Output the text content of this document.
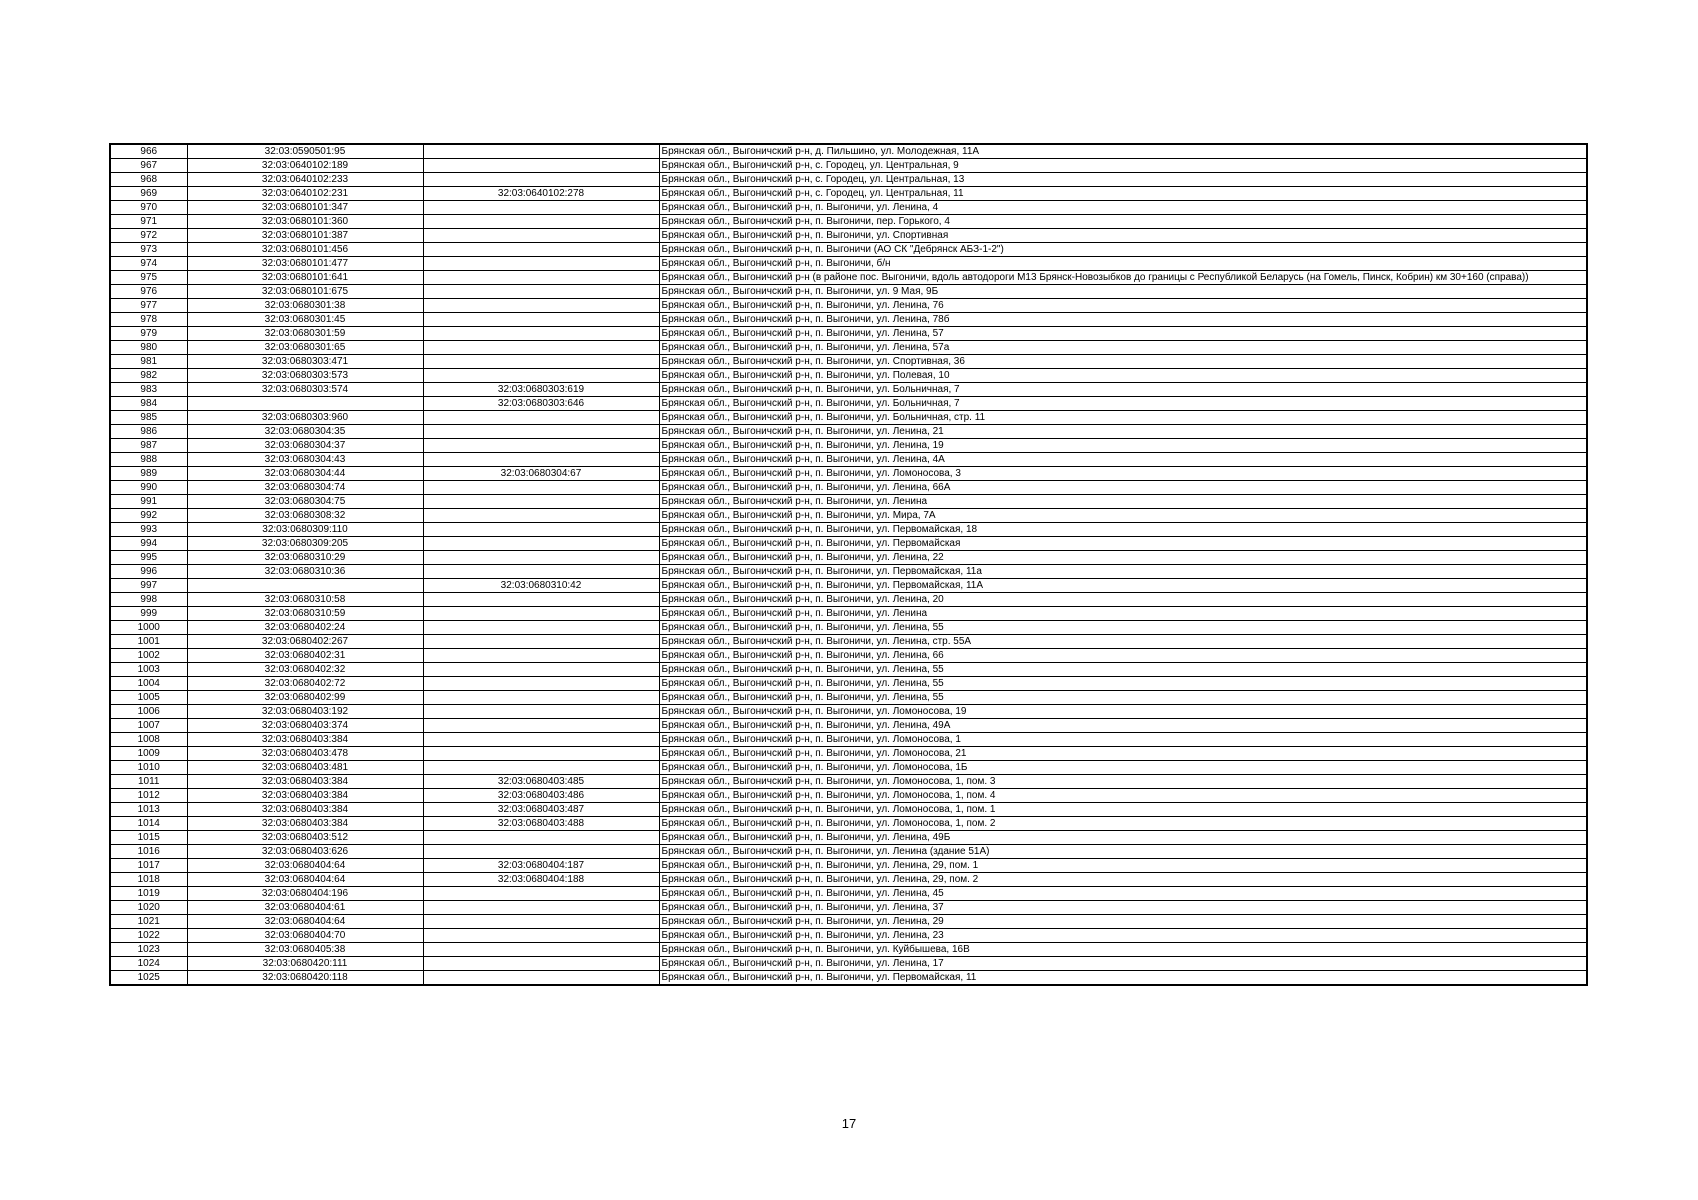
966	32:03:0590501:95		Брянская обл., Выгоничский р-н, д. Пильшино, ул. Молодежная, 11А
967	32:03:0640102:189		Брянская обл., Выгоничский р-н, с. Городец, ул. Центральная, 9
968	32:03:0640102:233		Брянская обл., Выгоничский р-н, с. Городец, ул. Центральная, 13
969	32:03:0640102:231	32:03:0640102:278	Брянская обл., Выгоничский р-н, с. Городец, ул. Центральная, 11
970	32:03:0680101:347		Брянская обл., Выгоничский р-н, п. Выгоничи, ул. Ленина, 4
971	32:03:0680101:360		Брянская обл., Выгоничский р-н, п. Выгоничи, пер. Горького, 4
972	32:03:0680101:387		Брянская обл., Выгоничский р-н, п. Выгоничи, ул. Спортивная
973	32:03:0680101:456		Брянская обл., Выгоничский р-н, п. Выгоничи (АО СК "Дебрянск АБЗ-1-2")
974	32:03:0680101:477		Брянская обл., Выгоничский р-н, п. Выгоничи, б/н
975	32:03:0680101:641		Брянская обл., Выгоничский р-н (в районе пос. Выгоничи, вдоль автодороги М13 Брянск-Новозыбков до границы с Республикой Беларусь (на Гомель, Пинск, Кобрин) км 30+160 (справа))
976	32:03:0680101:675		Брянская обл., Выгоничский р-н, п. Выгоничи, ул. 9 Мая, 9Б
977	32:03:0680301:38		Брянская обл., Выгоничский р-н, п. Выгоничи, ул. Ленина, 76
978	32:03:0680301:45		Брянская обл., Выгоничский р-н, п. Выгоничи, ул. Ленина, 78б
979	32:03:0680301:59		Брянская обл., Выгоничский р-н, п. Выгоничи, ул. Ленина, 57
980	32:03:0680301:65		Брянская обл., Выгоничский р-н, п. Выгоничи, ул. Ленина, 57а
981	32:03:0680303:471		Брянская обл., Выгоничский р-н, п. Выгоничи, ул. Спортивная, 36
982	32:03:0680303:573		Брянская обл., Выгоничский р-н, п. Выгоничи, ул. Полевая, 10
983	32:03:0680303:574	32:03:0680303:619	Брянская обл., Выгоничский р-н, п. Выгоничи, ул. Больничная, 7
984		32:03:0680303:646	Брянская обл., Выгоничский р-н, п. Выгоничи, ул. Больничная, 7
985	32:03:0680303:960		Брянская обл., Выгоничский р-н, п. Выгоничи, ул. Больничная, стр. 11
986	32:03:0680304:35		Брянская обл., Выгоничский р-н, п. Выгоничи, ул. Ленина, 21
987	32:03:0680304:37		Брянская обл., Выгоничский р-н, п. Выгоничи, ул. Ленина, 19
988	32:03:0680304:43		Брянская обл., Выгоничский р-н, п. Выгоничи, ул. Ленина, 4А
989	32:03:0680304:44	32:03:0680304:67	Брянская обл., Выгоничский р-н, п. Выгоничи, ул. Ломоносова, 3
990	32:03:0680304:74		Брянская обл., Выгоничский р-н, п. Выгоничи, ул. Ленина, 66А
991	32:03:0680304:75		Брянская обл., Выгоничский р-н, п. Выгоничи, ул. Ленина
992	32:03:0680308:32		Брянская обл., Выгоничский р-н, п. Выгоничи, ул. Мира, 7А
993	32:03:0680309:110		Брянская обл., Выгоничский р-н, п. Выгоничи, ул. Первомайская, 18
994	32:03:0680309:205		Брянская обл., Выгоничский р-н, п. Выгоничи, ул. Первомайская
995	32:03:0680310:29		Брянская обл., Выгоничский р-н, п. Выгоничи, ул. Ленина, 22
996	32:03:0680310:36		Брянская обл., Выгоничский р-н, п. Выгоничи, ул. Первомайская, 11а
997		32:03:0680310:42	Брянская обл., Выгоничский р-н, п. Выгоничи, ул. Первомайская, 11А
998	32:03:0680310:58		Брянская обл., Выгоничский р-н, п. Выгоничи, ул. Ленина, 20
999	32:03:0680310:59		Брянская обл., Выгоничский р-н, п. Выгоничи, ул. Ленина
1000	32:03:0680402:24		Брянская обл., Выгоничский р-н, п. Выгоничи, ул. Ленина, 55
1001	32:03:0680402:267		Брянская обл., Выгоничский р-н, п. Выгоничи, ул. Ленина, стр. 55А
1002	32:03:0680402:31		Брянская обл., Выгоничский р-н, п. Выгоничи, ул. Ленина, 66
1003	32:03:0680402:32		Брянская обл., Выгоничский р-н, п. Выгоничи, ул. Ленина, 55
1004	32:03:0680402:72		Брянская обл., Выгоничский р-н, п. Выгоничи, ул. Ленина, 55
1005	32:03:0680402:99		Брянская обл., Выгоничский р-н, п. Выгоничи, ул. Ленина, 55
1006	32:03:0680403:192		Брянская обл., Выгоничский р-н, п. Выгоничи, ул. Ломоносова, 19
1007	32:03:0680403:374		Брянская обл., Выгоничский р-н, п. Выгоничи, ул. Ленина, 49А
1008	32:03:0680403:384		Брянская обл., Выгоничский р-н, п. Выгоничи, ул. Ломоносова, 1
1009	32:03:0680403:478		Брянская обл., Выгоничский р-н, п. Выгоничи, ул. Ломоносова, 21
1010	32:03:0680403:481		Брянская обл., Выгоничский р-н, п. Выгоничи, ул. Ломоносова, 1Б
1011	32:03:0680403:384	32:03:0680403:485	Брянская обл., Выгоничский р-н, п. Выгоничи, ул. Ломоносова, 1, пом. 3
1012	32:03:0680403:384	32:03:0680403:486	Брянская обл., Выгоничский р-н, п. Выгоничи, ул. Ломоносова, 1, пом. 4
1013	32:03:0680403:384	32:03:0680403:487	Брянская обл., Выгоничский р-н, п. Выгоничи, ул. Ломоносова, 1, пом. 1
1014	32:03:0680403:384	32:03:0680403:488	Брянская обл., Выгоничский р-н, п. Выгоничи, ул. Ломоносова, 1, пом. 2
1015	32:03:0680403:512		Брянская обл., Выгоничский р-н, п. Выгоничи, ул. Ленина, 49Б
1016	32:03:0680403:626		Брянская обл., Выгоничский р-н, п. Выгоничи, ул. Ленина (здание 51А)
1017	32:03:0680404:64	32:03:0680404:187	Брянская обл., Выгоничский р-н, п. Выгоничи, ул. Ленина, 29, пом. 1
1018	32:03:0680404:64	32:03:0680404:188	Брянская обл., Выгоничский р-н, п. Выгоничи, ул. Ленина, 29, пом. 2
1019	32:03:0680404:196		Брянская обл., Выгоничский р-н, п. Выгоничи, ул. Ленина, 45
1020	32:03:0680404:61		Брянская обл., Выгоничский р-н, п. Выгоничи, ул. Ленина, 37
1021	32:03:0680404:64		Брянская обл., Выгоничский р-н, п. Выгоничи, ул. Ленина, 29
1022	32:03:0680404:70		Брянская обл., Выгоничский р-н, п. Выгоничи, ул. Ленина, 23
1023	32:03:0680405:38		Брянская обл., Выгоничский р-н, п. Выгоничи, ул. Куйбышева, 16В
1024	32:03:0680420:111		Брянская обл., Выгоничский р-н, п. Выгоничи, ул. Ленина, 17
1025	32:03:0680420:118		Брянская обл., Выгоничский р-н, п. Выгоничи, ул. Первомайская, 11
17
